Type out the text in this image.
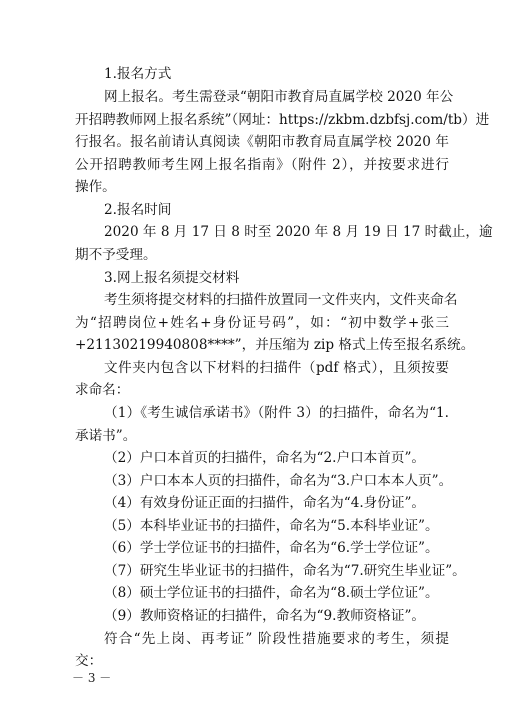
1.报名方式
网上报名。考生需登录“朝阳市教育局直属学校 2020 年公
开招聘教师网上报名系统”（网址：https://zkbm.dzbfsj.com/tb）进
行报名。报名前请认真阅读《朝阳市教育局直属学校 2020 年
公开招聘教师考生网上报名指南》（附件 2），并按要求进行
操作。
2.报名时间
2020 年 8 月 17 日 8 时至 2020 年 8 月 19 日 17 时截止，逾
期不予受理。
3.网上报名须提交材料
考生须将提交材料的扫描件放置同一文件夹内，文件夹命名
为“招聘岗位+姓名+身份证号码”，如：“初中数学+张三
+21130219940808****”，并压缩为 zip 格式上传至报名系统。
文件夹内包含以下材料的扫描件（pdf 格式），且须按要
求命名：
（1）《考生诚信承诺书》（附件 3）的扫描件，命名为“1.
承诺书”。
（2）户口本首页的扫描件，命名为“2.户口本首页”。
（3）户口本本人页的扫描件，命名为“3.户口本本人页”。
（4）有效身份证正面的扫描件，命名为“4.身份证”。
（5）本科毕业证书的扫描件，命名为“5.本科毕业证”。
（6）学士学位证书的扫描件，命名为“6.学士学位证”。
（7）研究生毕业证书的扫描件，命名为“7.研究生毕业证”。
（8）硕士学位证书的扫描件，命名为“8.硕士学位证”。
（9）教师资格证的扫描件，命名为“9.教师资格证”。
符合“先上岗、再考证” 阶段性措施要求的考生，须提
交：
－ 3 －
